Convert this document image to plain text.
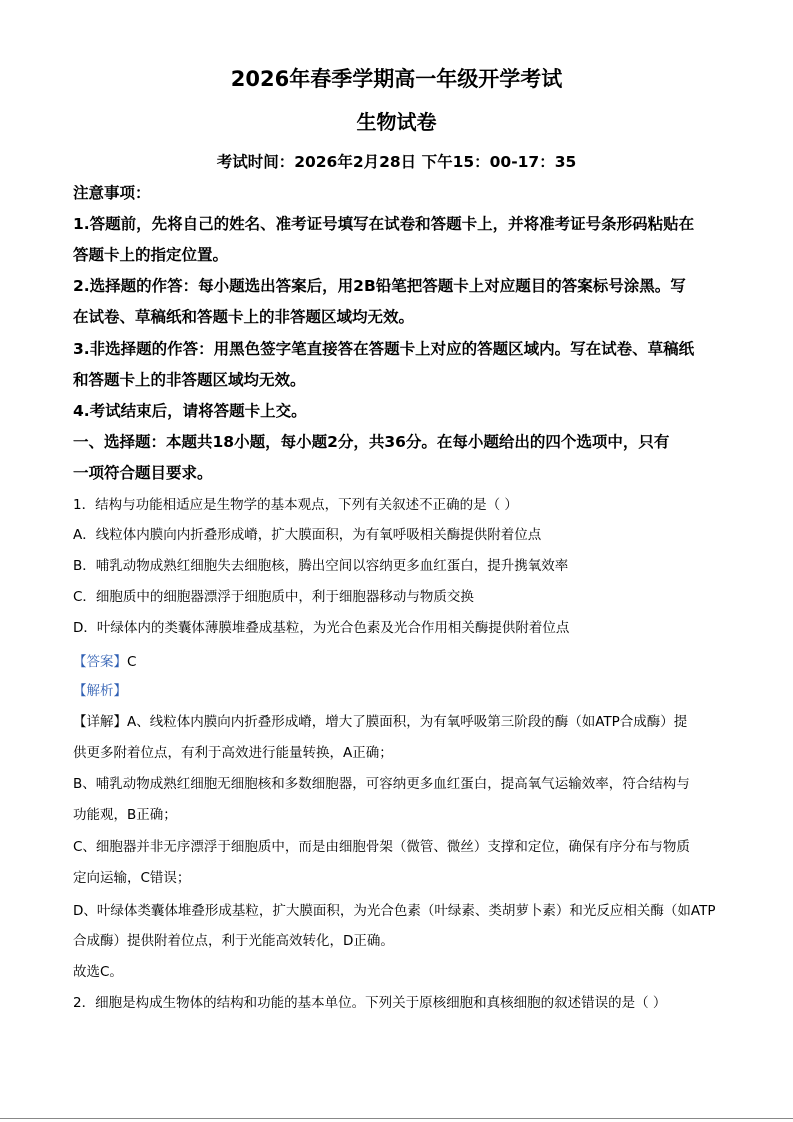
2026年春季学期高一年级开学考试
生物试卷
考试时间：2026年2月28日 下午15：00-17：35
注意事项：
1.答题前，先将自己的姓名、准考证号填写在试卷和答题卡上，并将准考证号条形码粘贴在
答题卡上的指定位置。
2.选择题的作答：每小题选出答案后，用2B铅笔把答题卡上对应题目的答案标号涂黑。写
在试卷、草稿纸和答题卡上的非答题区域均无效。
3.非选择题的作答：用黑色签字笔直接答在答题卡上对应的答题区域内。写在试卷、草稿纸
和答题卡上的非答题区域均无效。
4.考试结束后，请将答题卡上交。
一、选择题：本题共18小题，每小题2分，共36分。在每小题给出的四个选项中，只有
一项符合题目要求。
1．结构与功能相适应是生物学的基本观点，下列有关叙述不正确的是（ ）
A．线粒体内膜向内折叠形成嵴，扩大膜面积，为有氧呼吸相关酶提供附着位点
B．哺乳动物成熟红细胞失去细胞核，腾出空间以容纳更多血红蛋白，提升携氧效率
C．细胞质中的细胞器漂浮于细胞质中，利于细胞器移动与物质交换
D．叶绿体内的类囊体薄膜堆叠成基粒，为光合色素及光合作用相关酶提供附着位点
【答案】C
【解析】
【详解】A、线粒体内膜向内折叠形成嵴，增大了膜面积，为有氧呼吸第三阶段的酶（如ATP合成酶）提
供更多附着位点，有利于高效进行能量转换，A正确；
B、哺乳动物成熟红细胞无细胞核和多数细胞器，可容纳更多血红蛋白，提高氧气运输效率，符合结构与
功能观，B正确；
C、细胞器并非无序漂浮于细胞质中，而是由细胞骨架（微管、微丝）支撑和定位，确保有序分布与物质
定向运输，C错误；
D、叶绿体类囊体堆叠形成基粒，扩大膜面积，为光合色素（叶绿素、类胡萝卜素）和光反应相关酶（如ATP
合成酶）提供附着位点，利于光能高效转化，D正确。
故选C。
2．细胞是构成生物体的结构和功能的基本单位。下列关于原核细胞和真核细胞的叙述错误的是（ ）
